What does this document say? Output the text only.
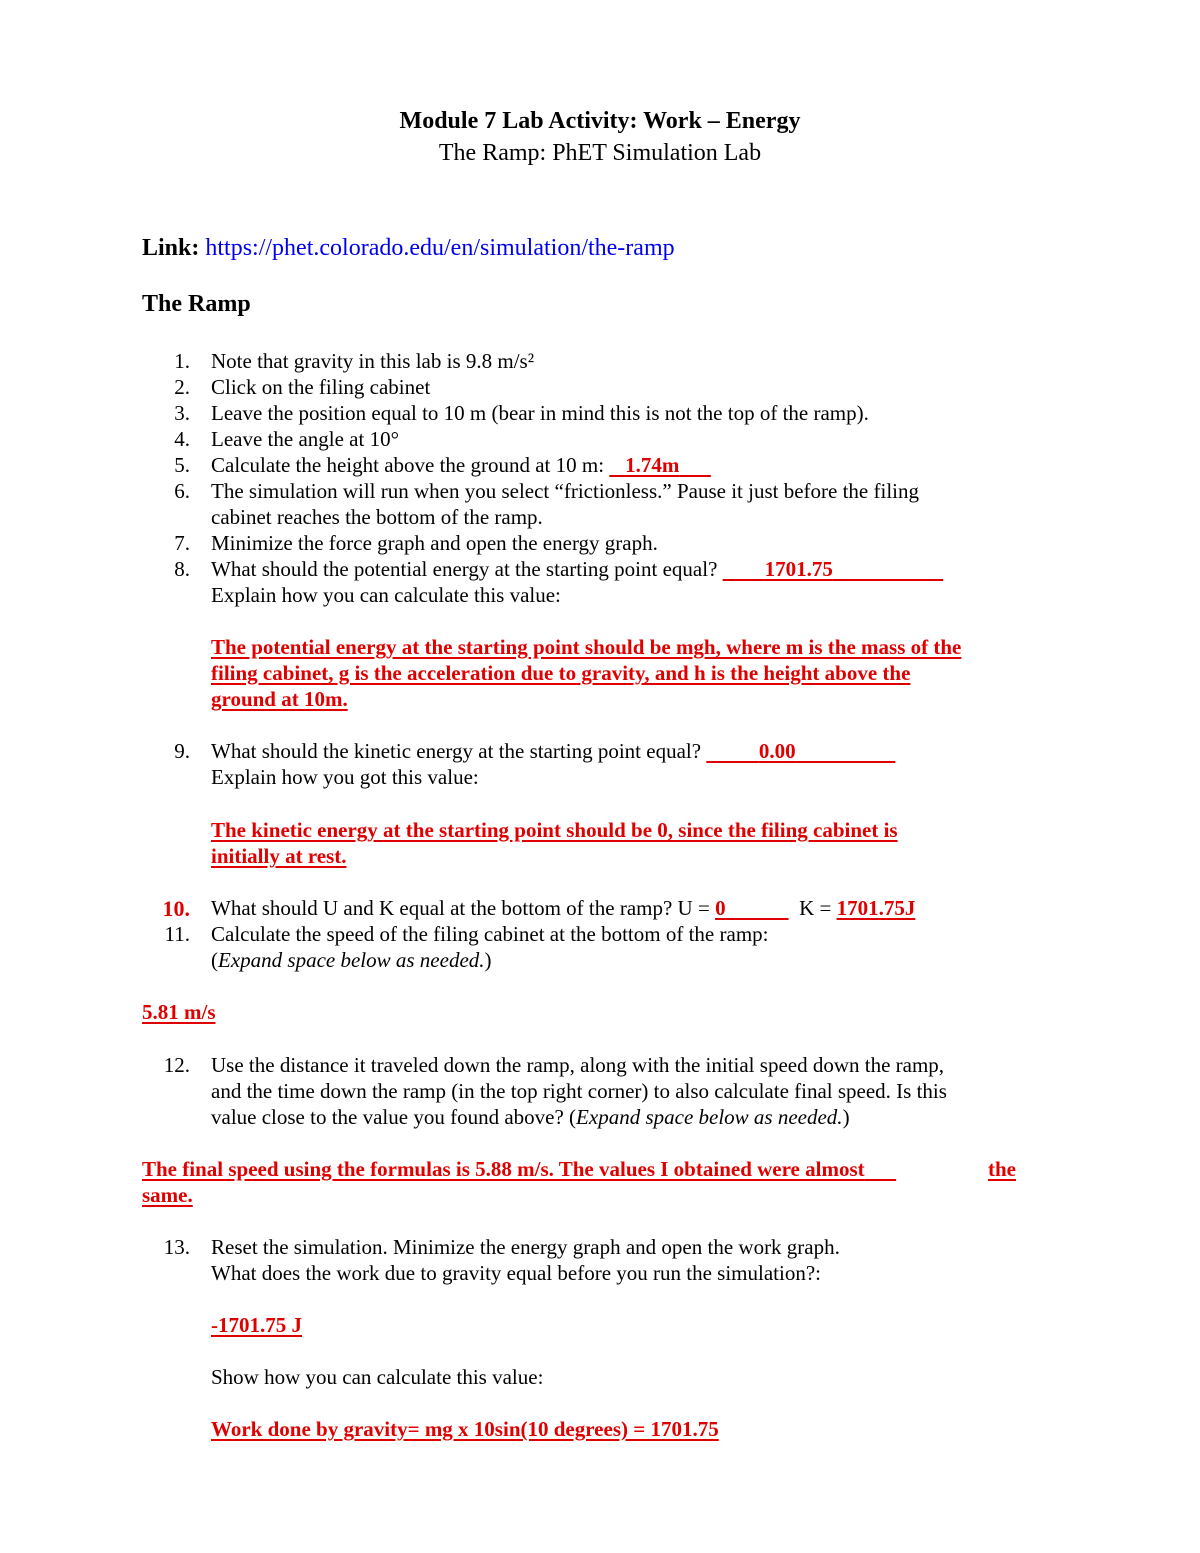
Module 7 Lab Activity: Work – Energy
The Ramp: PhET Simulation Lab
Link: https://phet.colorado.edu/en/simulation/the-ramp
The Ramp
1. Note that gravity in this lab is 9.8 m/s²
2. Click on the filing cabinet
3. Leave the position equal to 10 m (bear in mind this is not the top of the ramp).
4. Leave the angle at 10°
5. Calculate the height above the ground at 10 m: 1.74m
6. The simulation will run when you select “frictionless.” Pause it just before the filing
cabinet reaches the bottom of the ramp.
7. Minimize the force graph and open the energy graph.
8. What should the potential energy at the starting point equal? 1701.75
Explain how you can calculate this value:
The potential energy at the starting point should be mgh, where m is the mass of the
filing cabinet, g is the acceleration due to gravity, and h is the height above the
ground at 10m.
9. What should the kinetic energy at the starting point equal?	0.00
Explain how you got this value:
The kinetic energy at the starting point should be 0, since the filing cabinet is
initially at rest.
10. What should U and K equal at the bottom of the ramp? U = 0	K = 1701.75J
11. Calculate the speed of the filing cabinet at the bottom of the ramp:
(Expand space below as needed.)
5.81 m/s
12. Use the distance it traveled down the ramp, along with the initial speed down the ramp,
and the time down the ramp (in the top right corner) to also calculate final speed. Is this
value close to the value you found above? (Expand space below as needed.)
The final speed using the formulas is 5.88 m/s. The values I obtained were almost	the
same.
13. Reset the simulation. Minimize the energy graph and open the work graph.
What does the work due to gravity equal before you run the simulation?:
-1701.75 J
Show how you can calculate this value:
Work done by gravity= mg x 10sin(10 degrees) = 1701.75
